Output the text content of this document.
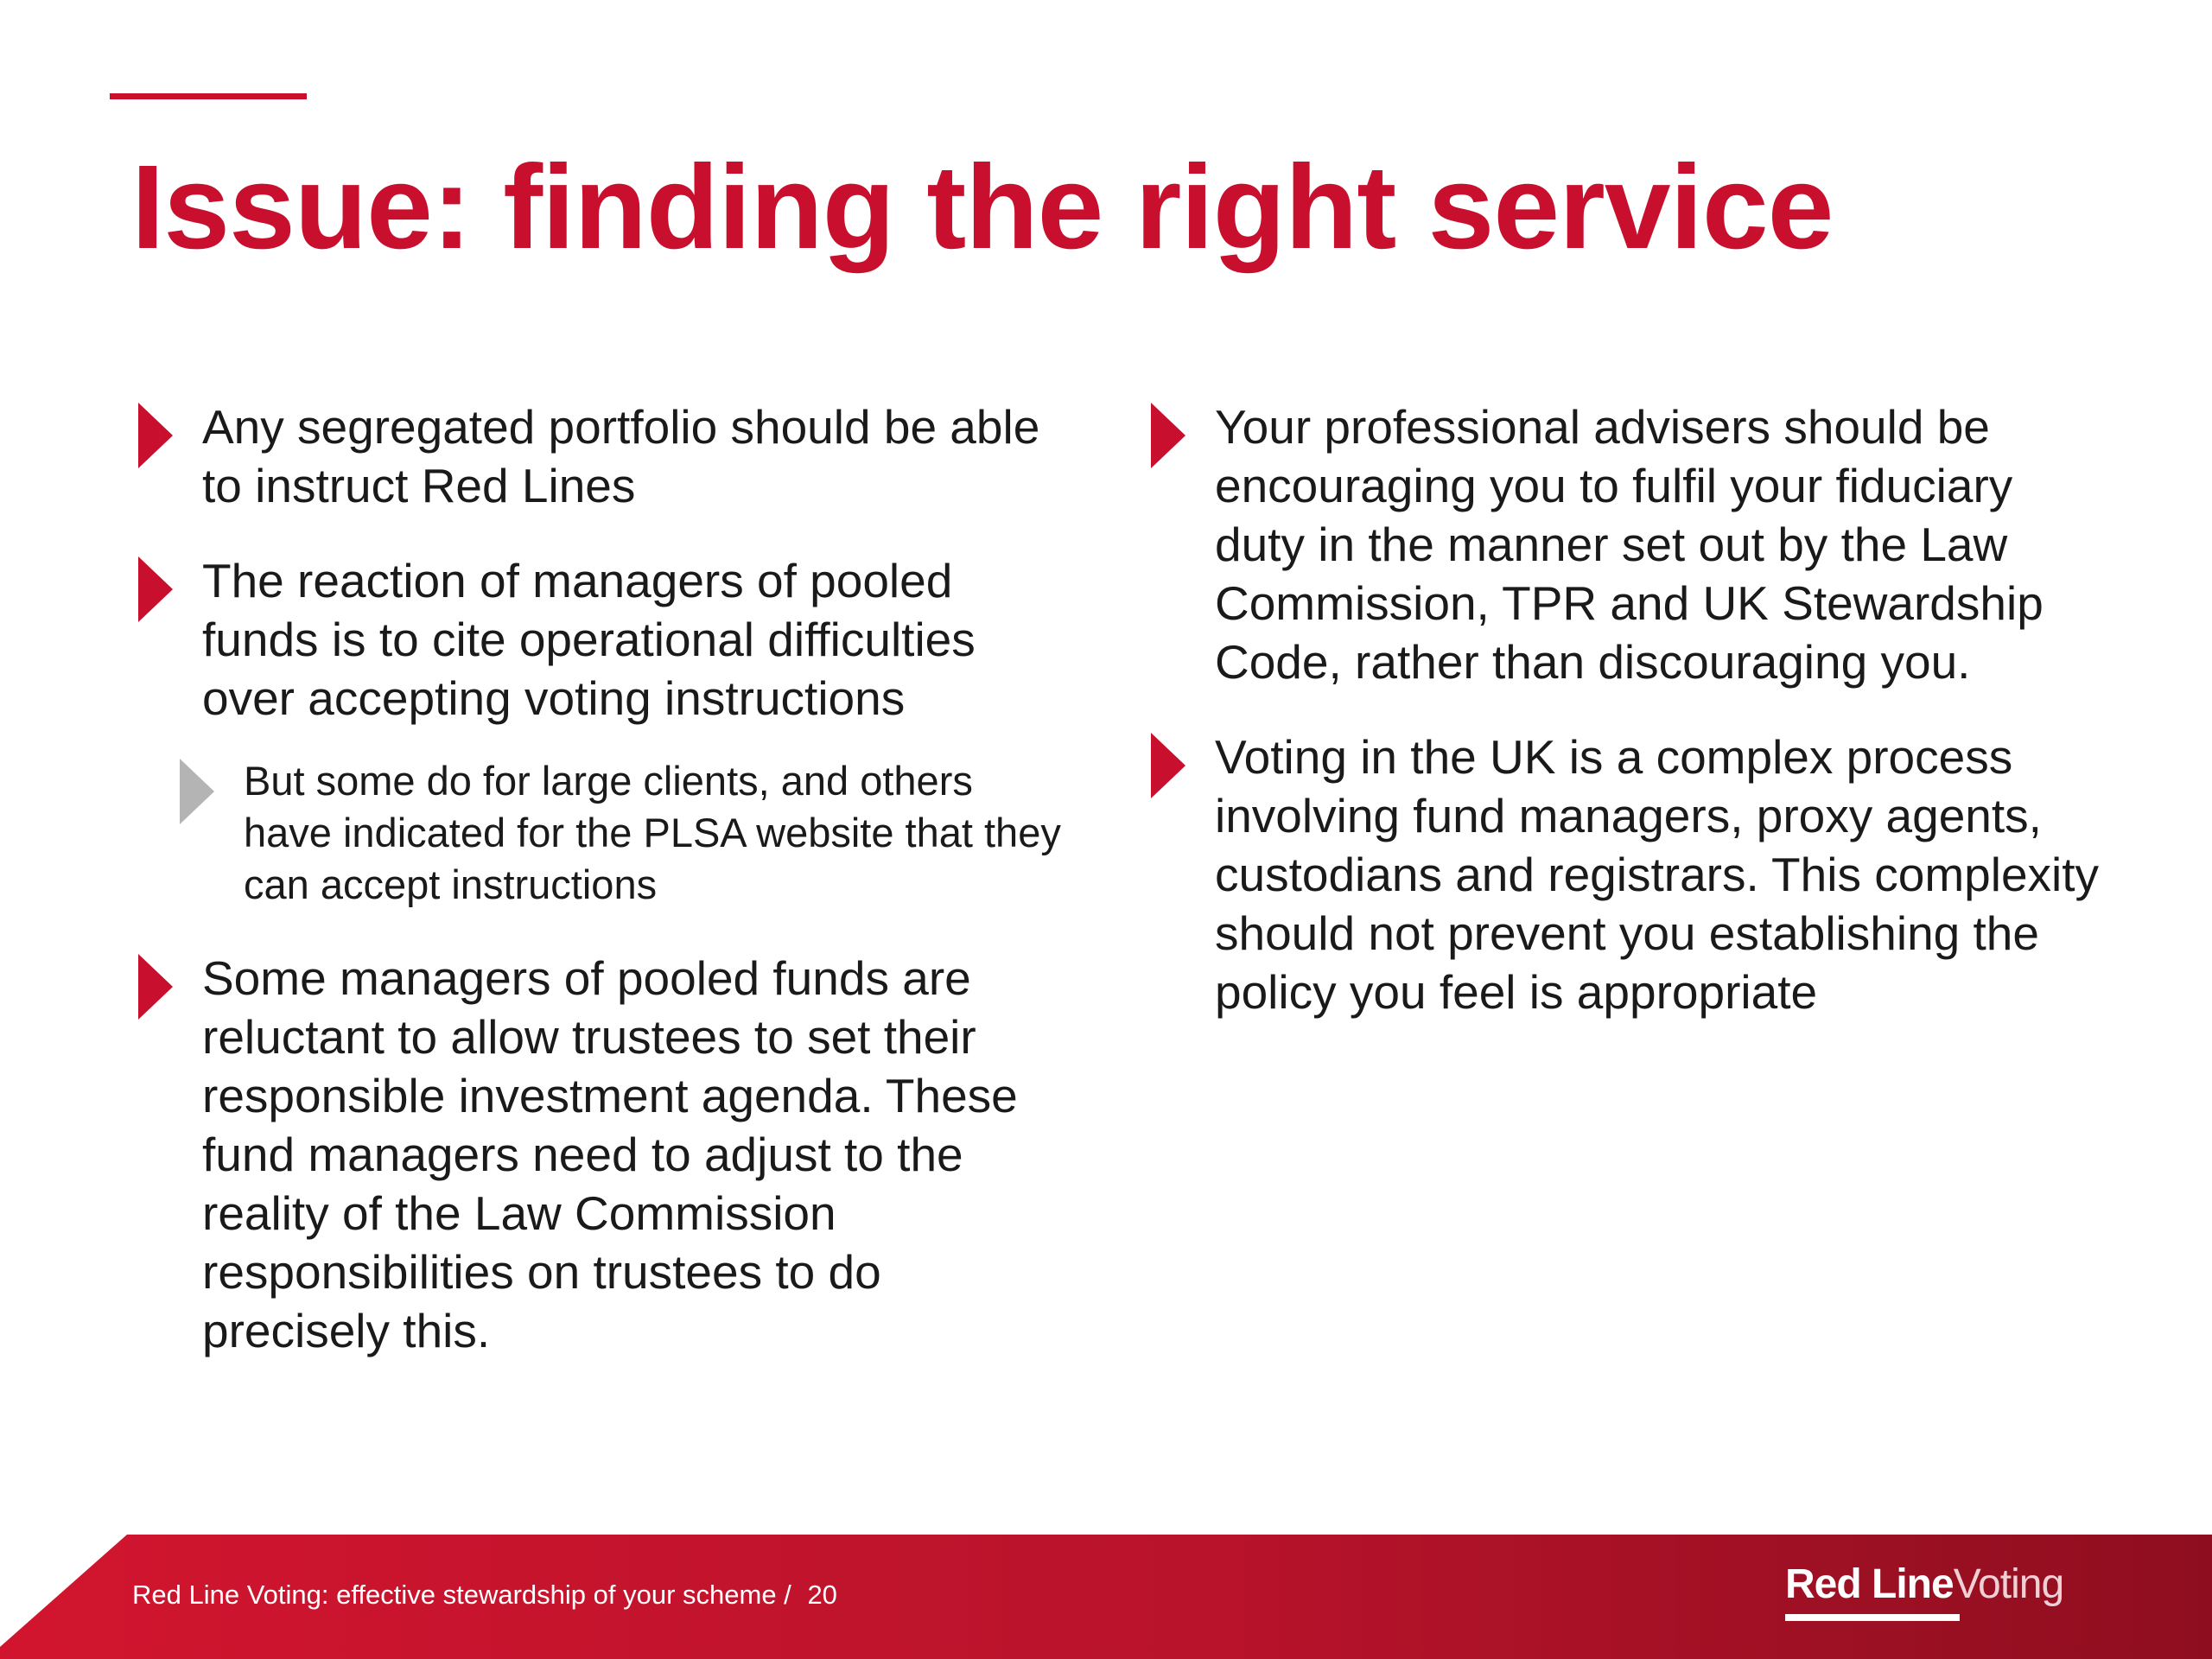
Issue: finding the right service
Any segregated portfolio should be able to instruct Red Lines
The reaction of managers of pooled funds is to cite operational difficulties over accepting voting instructions
But some do for large clients, and others have indicated for the PLSA website that they can accept instructions
Some managers of pooled funds are reluctant to allow trustees to set their responsible investment agenda. These fund managers need to adjust to the reality of the Law Commission responsibilities on trustees to do precisely this.
Your professional advisers should be encouraging you to fulfil your fiduciary duty in the manner set out by the Law Commission, TPR and UK Stewardship Code, rather than discouraging you.
Voting in the UK is a complex process involving fund managers, proxy agents, custodians and registrars. This complexity should not prevent you establishing the policy you feel is appropriate
Red Line Voting: effective stewardship of your scheme / 20	Red LineVoting
